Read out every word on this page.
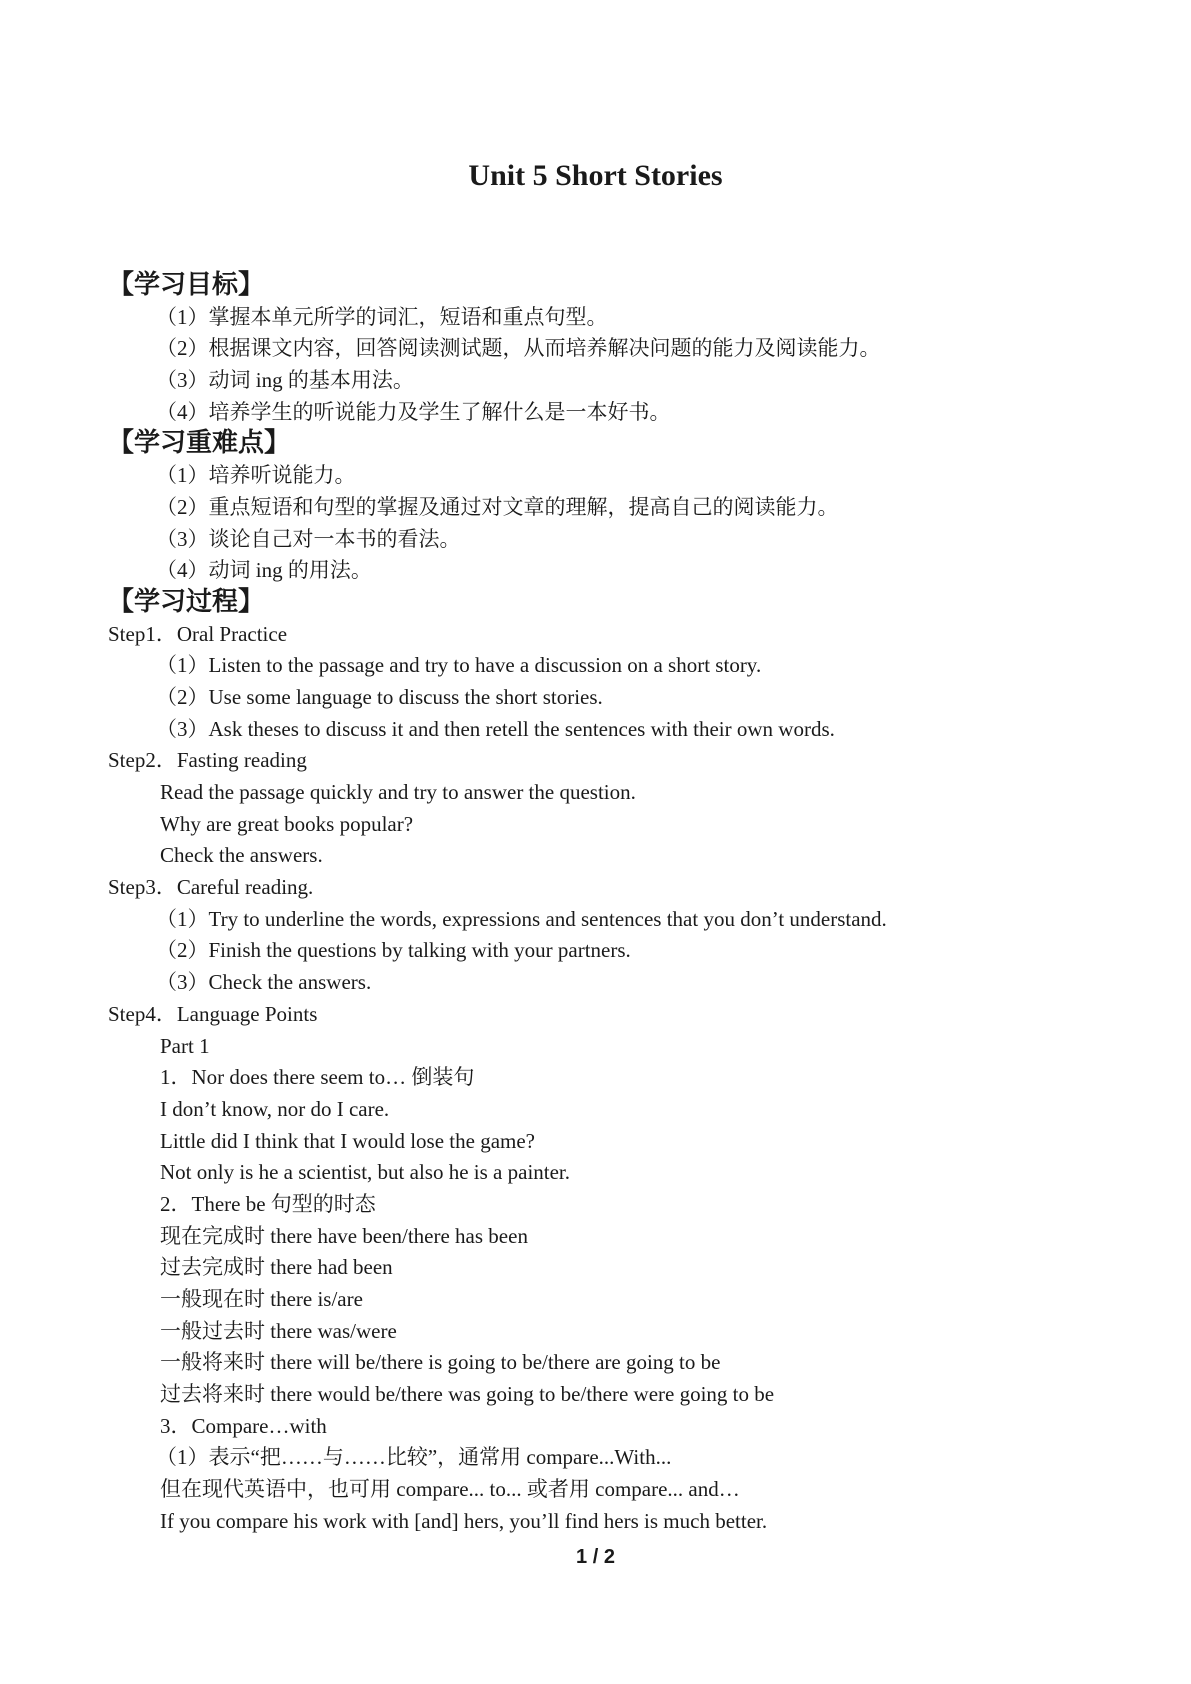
Unit 5 Short Stories
【学习目标】
（1）掌握本单元所学的词汇，短语和重点句型。
（2）根据课文内容，回答阅读测试题，从而培养解决问题的能力及阅读能力。
（3）动词 ing 的基本用法。
（4）培养学生的听说能力及学生了解什么是一本好书。
【学习重难点】
（1）培养听说能力。
（2）重点短语和句型的掌握及通过对文章的理解，提高自己的阅读能力。
（3）谈论自己对一本书的看法。
（4）动词 ing 的用法。
【学习过程】
Step1．Oral Practice
（1）Listen to the passage and try to have a discussion on a short story.
（2）Use some language to discuss the short stories.
（3）Ask theses to discuss it and then retell the sentences with their own words.
Step2．Fasting reading
Read the passage quickly and try to answer the question.
Why are great books popular?
Check the answers.
Step3．Careful reading.
（1）Try to underline the words, expressions and sentences that you don’t understand.
（2）Finish the questions by talking with your partners.
（3）Check the answers.
Step4．Language Points
Part 1
1．Nor does there seem to… 倒装句
I don’t know, nor do I care.
Little did I think that I would lose the game?
Not only is he a scientist, but also he is a painter.
2．There be 句型的时态
现在完成时 there have been/there has been
过去完成时 there had been
一般现在时 there is/are
一般过去时 there was/were
一般将来时 there will be/there is going to be/there are going to be
过去将来时 there would be/there was going to be/there were going to be
3．Compare…with
（1）表示“把……与……比较”，通常用 compare...With...
但在现代英语中，也可用 compare... to... 或者用 compare... and…
If you compare his work with [and] hers, you’ll find hers is much better.
1 / 2
